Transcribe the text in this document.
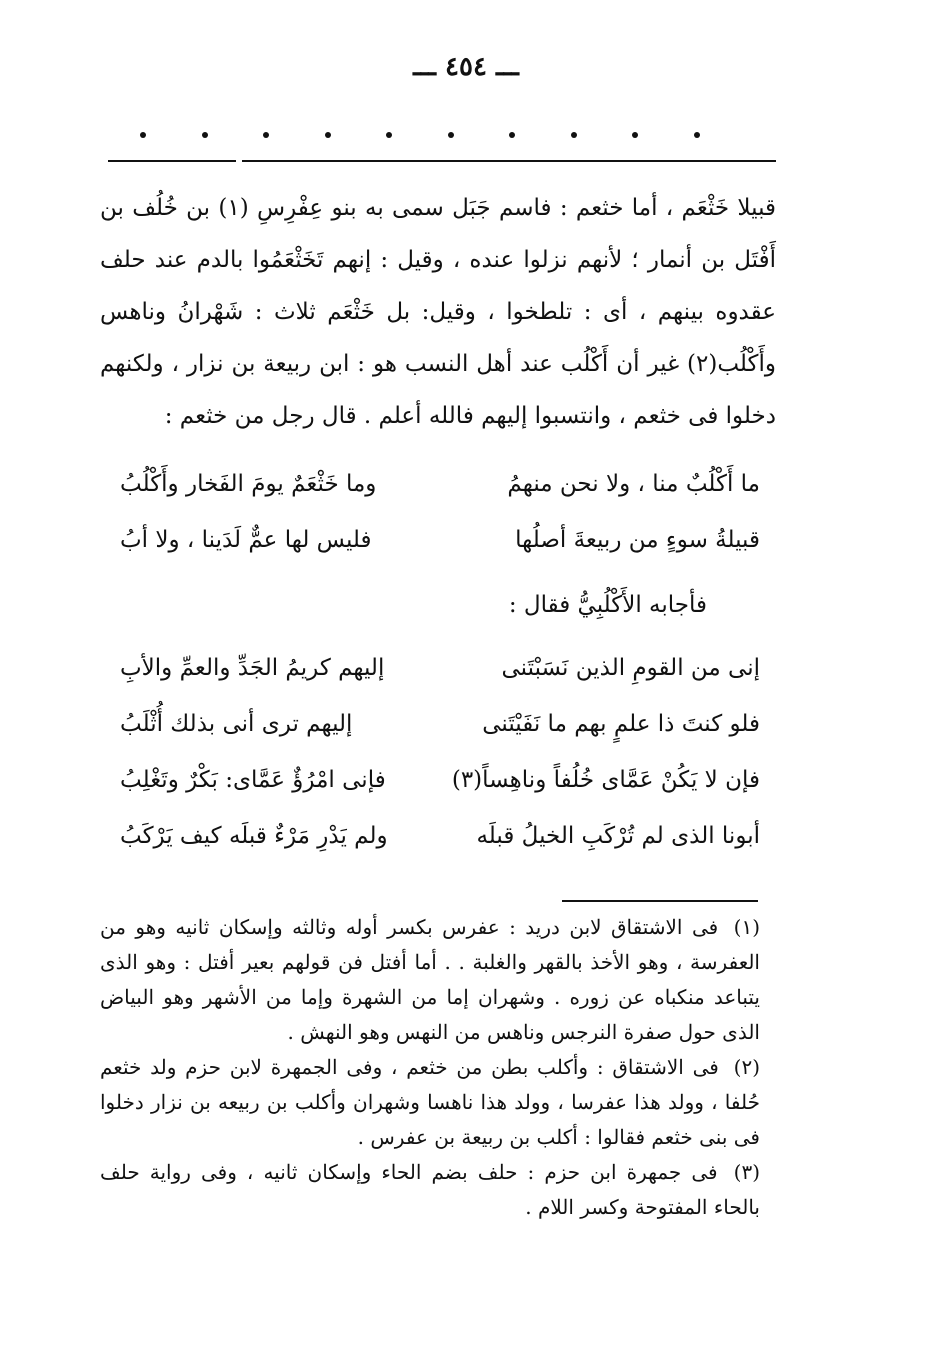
ـــ ٤٥٤ ـــ

قبيلا خَثْعَم ، أما خثعم : فاسم جَبَل سمى به بنو عِفْرِسِ (١) بن خُلُف بن أَفْتَل بن أنمار ؛ لأنهم نزلوا عنده ، وقيل : إنهم تَخَثْعَمُوا بالدم عند حلف عقدوه بينهم ، أى : تلطخوا ، وقيل: بل خَثْعَم ثلاث : شَهْرانُ وناهس وأَكْلُب(٢) غير أن أَكْلُب عند أهل النسب هو : ابن ربيعة بن نزار ، ولكنهم دخلوا فى خثعم ، وانتسبوا إليهم فالله أعلم . قال رجل من خثعم :

ما أَكْلُبٌ منا ، ولا نحن منهمُ
وما خَثْعَمٌ يومَ الفَخار وأَكْلُبُ
قبيلةُ سوءٍ من ربيعةَ أصلُها
فليس لها عمٌّ لَدَينا ، ولا أبُ
فأجابه الأَكْلُبِيُّ فقال :
إنى من القومِ الذين نَسَبْتَنى
إليهم كريمُ الجَدِّ والعمِّ والأبِ
فلو كنتَ ذا علمٍ بهم ما نَفَيْتَنى
إليهم ترى أنى بذلك أُثْلَبُ
فإن لا يَكُنْ عَمَّاى خُلُفاً وناهِساً(٣)
فإنى امْرُؤٌ عَمَّاى: بَكْرٌ وتَغْلِبُ
أبونا الذى لم تُرْكَبِ الخيلُ قبلَه
ولم يَدْرِ مَرْءٌ قبلَه كيف يَرْكَبُ

(١) فى الاشتقاق لابن دريد : عفرس بكسر أوله وثالثه وإسكان ثانيه وهو من العفرسة ، وهو الأخذ بالقهر والغلبة . . أما أفتل فن قولهم بعير أفتل : وهو الذى يتباعد منكباه عن زوره . وشهران إما من الشهرة وإما من الأشهر وهو البياض الذى حول صفرة النرجس وناهس من النهس وهو النهش .

(٢) فى الاشتقاق : وأكلب بطن من خثعم ، وفى الجمهرة لابن حزم ولد خثعم حُلفا ، وولد هذا عفرسا ، وولد هذا ناهسا وشهران وأكلب بن ربيعه بن نزار دخلوا فى بنى خثعم فقالوا : أكلب بن ربيعة بن عفرس .

(٣) فى جمهرة ابن حزم : حلف بضم الحاء وإسكان ثانيه ، وفى رواية حلف بالحاء المفتوحة وكسر اللام .
